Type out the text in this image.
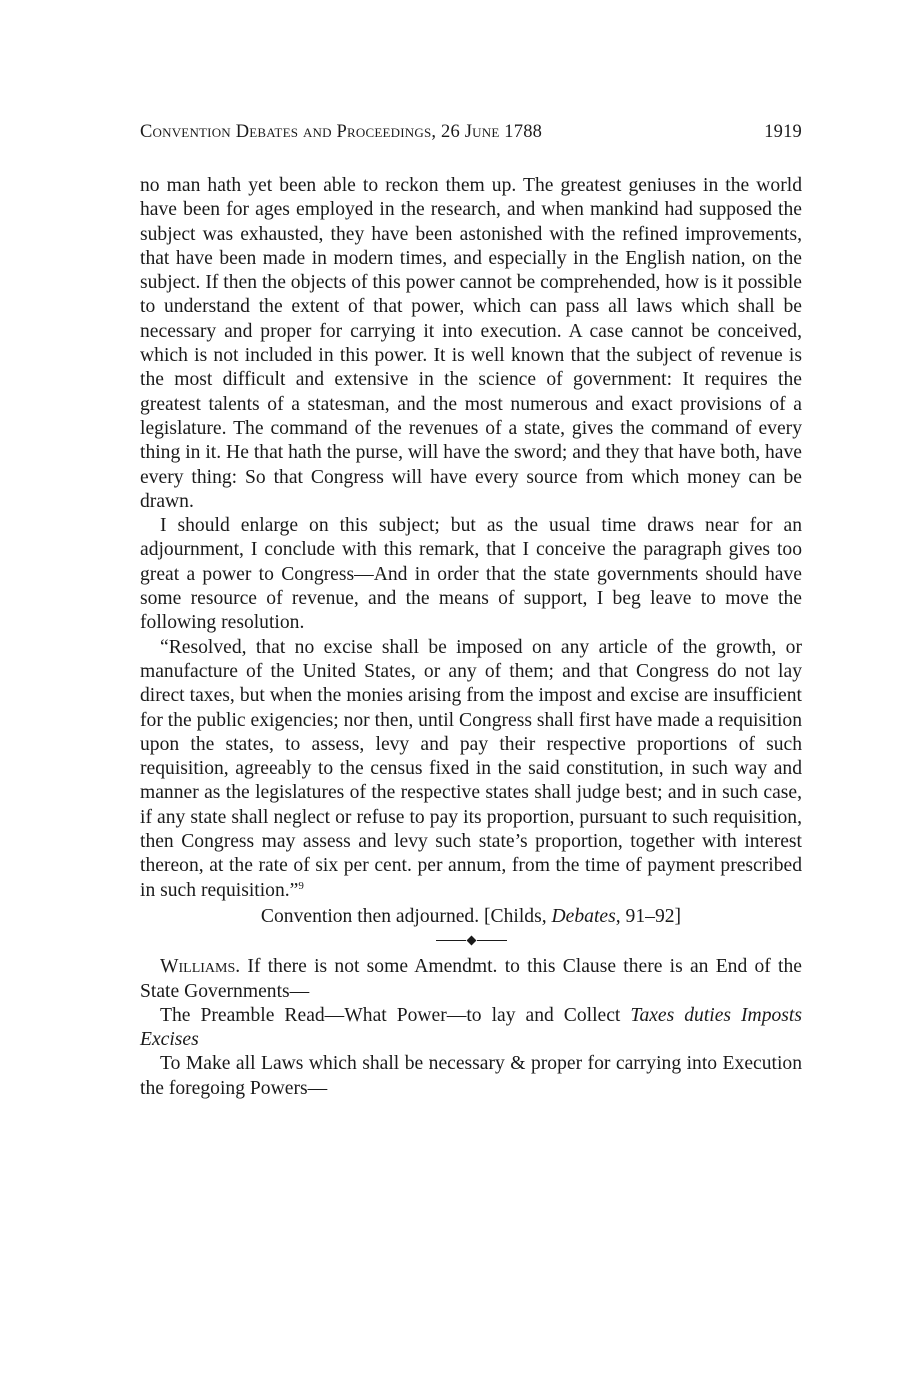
Convention Debates and Proceedings, 26 June 1788	1919

no man hath yet been able to reckon them up. The greatest geniuses in the world have been for ages employed in the research, and when mankind had supposed the subject was exhausted, they have been astonished with the refined improvements, that have been made in modern times, and especially in the English nation, on the subject. If then the objects of this power cannot be comprehended, how is it possible to understand the extent of that power, which can pass all laws which shall be necessary and proper for carrying it into execution. A case cannot be conceived, which is not included in this power. It is well known that the subject of revenue is the most difficult and extensive in the science of government: It requires the greatest talents of a statesman, and the most numerous and exact provisions of a legislature. The command of the revenues of a state, gives the command of every thing in it. He that hath the purse, will have the sword; and they that have both, have every thing: So that Congress will have every source from which money can be drawn.

I should enlarge on this subject; but as the usual time draws near for an adjournment, I conclude with this remark, that I conceive the paragraph gives too great a power to Congress—And in order that the state governments should have some resource of revenue, and the means of support, I beg leave to move the following resolution.

“Resolved, that no excise shall be imposed on any article of the growth, or manufacture of the United States, or any of them; and that Congress do not lay direct taxes, but when the monies arising from the impost and excise are insufficient for the public exigencies; nor then, until Congress shall first have made a requisition upon the states, to assess, levy and pay their respective proportions of such requisition, agreeably to the census fixed in the said constitution, in such way and manner as the legislatures of the respective states shall judge best; and in such case, if any state shall neglect or refuse to pay its proportion, pursuant to such requisition, then Congress may assess and levy such state’s proportion, together with interest thereon, at the rate of six per cent. per annum, from the time of payment prescribed in such requisition.”$^9$

Convention then adjourned. [Childs, Debates, 91–92]

Williams. If there is not some Amendmt. to this Clause there is an End of the State Governments—

The Preamble Read—What Power—to lay and Collect Taxes duties Imposts Excises

To Make all Laws which shall be necessary & proper for carrying into Execution the foregoing Powers—
